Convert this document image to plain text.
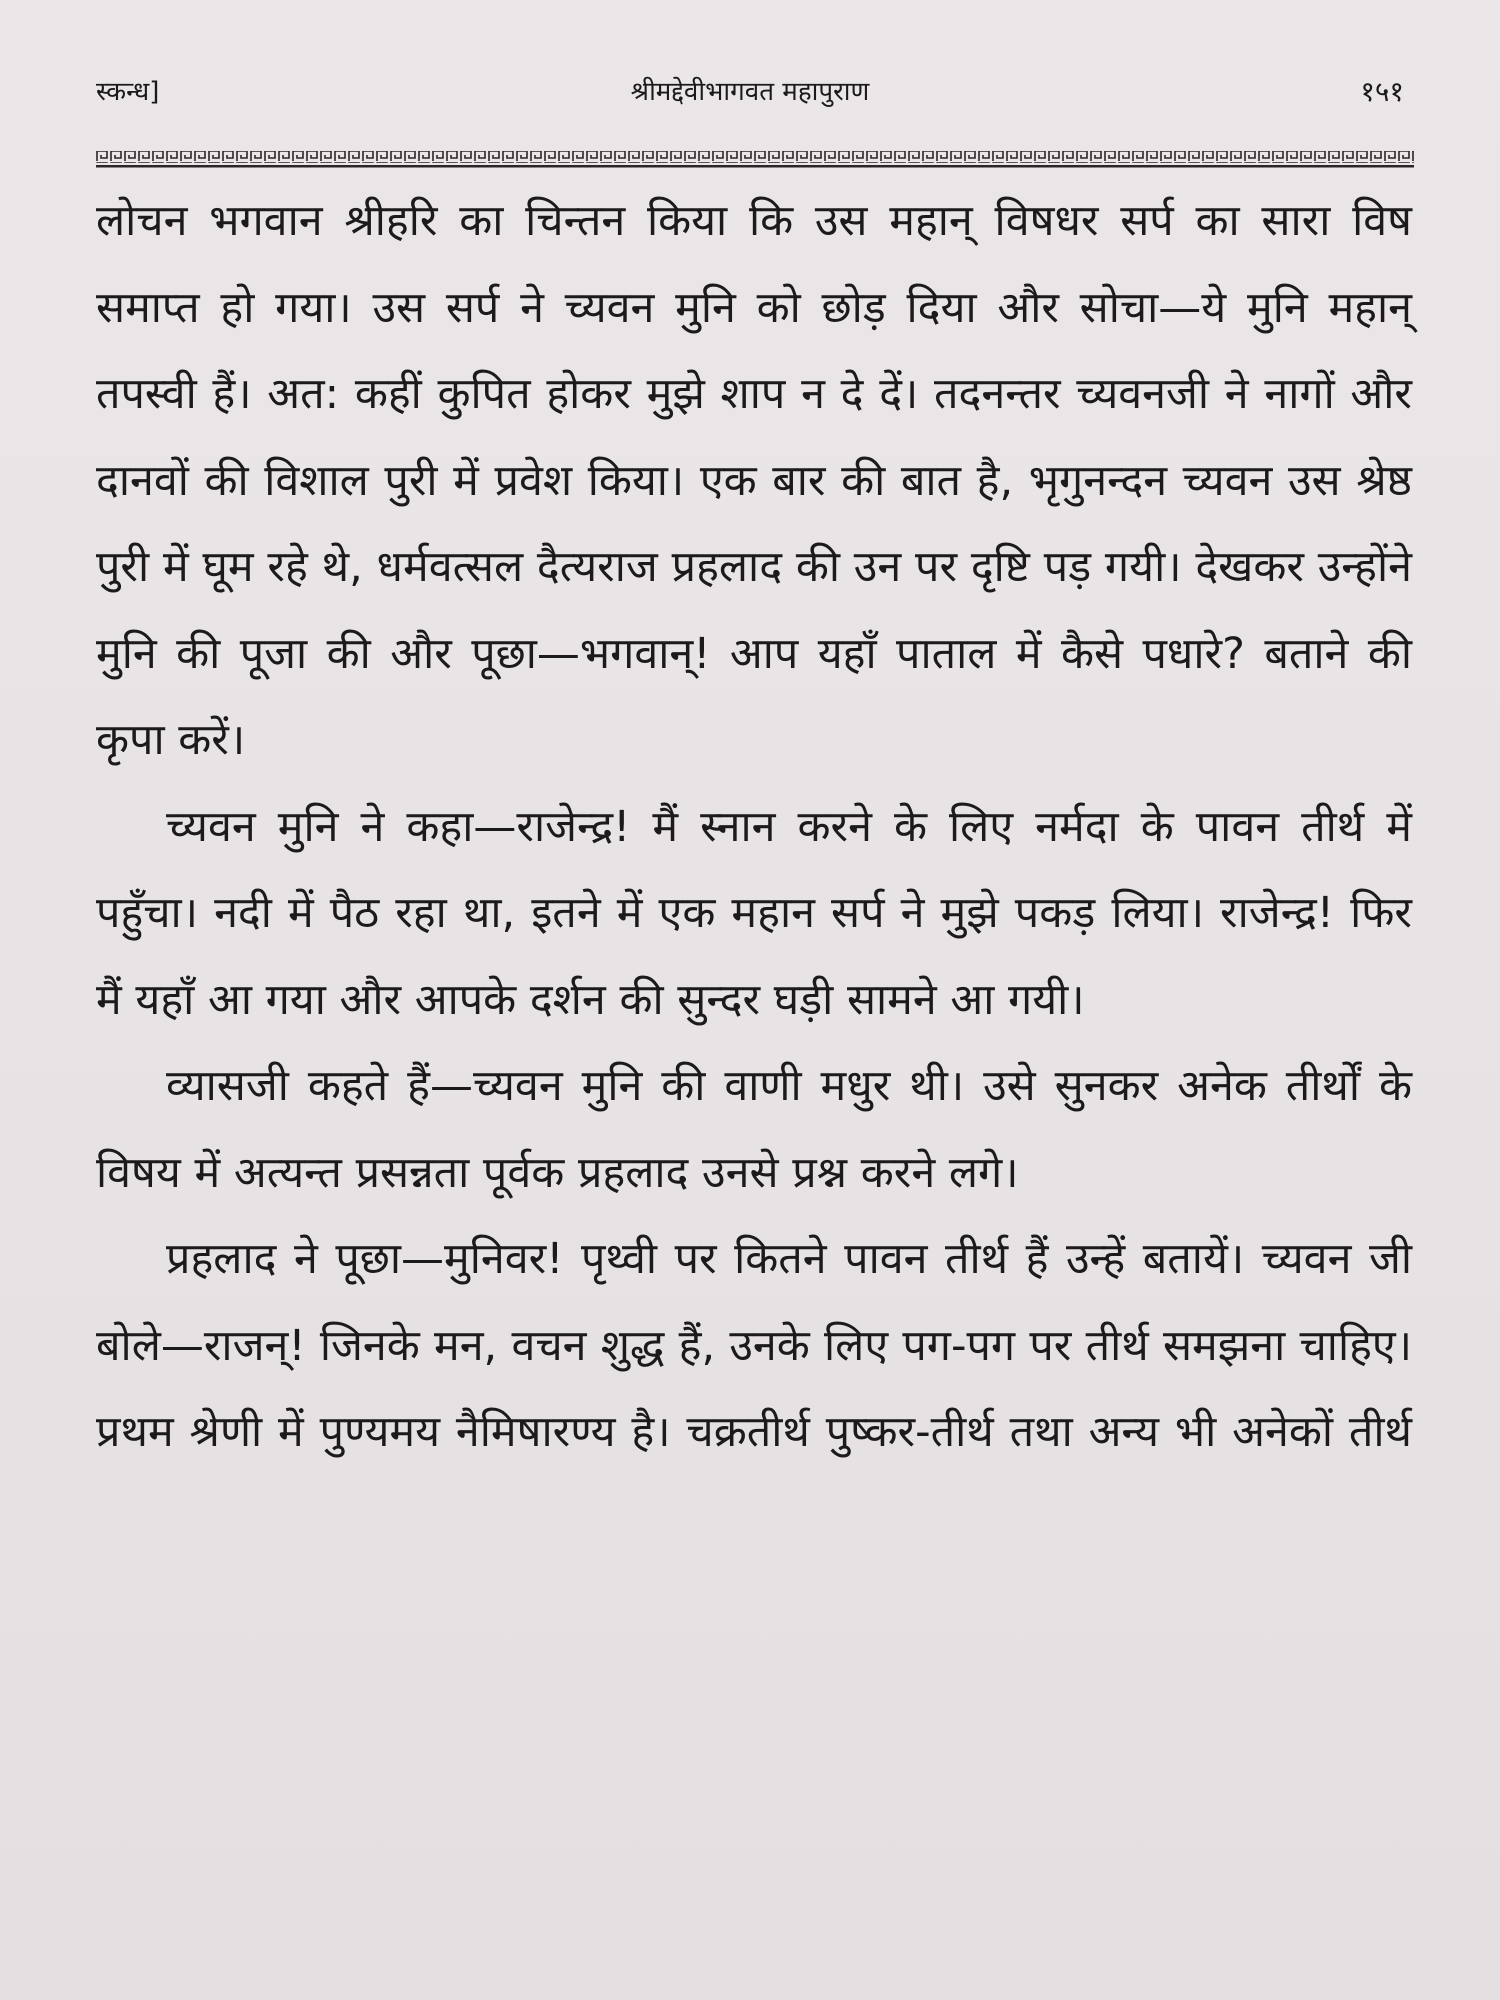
स्कन्ध]	श्रीमद्देवीभागवत महापुराण	१५१

लोचन भगवान श्रीहरि का चिन्तन किया कि उस महान् विषधर सर्प का सारा विष समाप्त हो गया। उस सर्प ने च्यवन मुनि को छोड़ दिया और सोचा—ये मुनि महान् तपस्वी हैं। अत: कहीं कुपित होकर मुझे शाप न दे दें। तदनन्तर च्यवनजी ने नागों और दानवों की विशाल पुरी में प्रवेश किया। एक बार की बात है, भृगुनन्दन च्यवन उस श्रेष्ठ पुरी में घूम रहे थे, धर्मवत्सल दैत्यराज प्रहलाद की उन पर दृष्टि पड़ गयी। देखकर उन्होंने मुनि की पूजा की और पूछा—भगवान्! आप यहाँ पाताल में कैसे पधारे? बताने की कृपा करें।

च्यवन मुनि ने कहा—राजेन्द्र! मैं स्नान करने के लिए नर्मदा के पावन तीर्थ में पहुँचा। नदी में पैठ रहा था, इतने में एक महान सर्प ने मुझे पकड़ लिया। राजेन्द्र! फिर मैं यहाँ आ गया और आपके दर्शन की सुन्दर घड़ी सामने आ गयी।

व्यासजी कहते हैं—च्यवन मुनि की वाणी मधुर थी। उसे सुनकर अनेक तीर्थों के विषय में अत्यन्त प्रसन्नता पूर्वक प्रहलाद उनसे प्रश्न करने लगे।

प्रहलाद ने पूछा—मुनिवर! पृथ्वी पर कितने पावन तीर्थ हैं उन्हें बतायें। च्यवन जी बोले—राजन्! जिनके मन, वचन शुद्ध हैं, उनके लिए पग-पग पर तीर्थ समझना चाहिए। प्रथम श्रेणी में पुण्यमय नैमिषारण्य है। चक्रतीर्थ पुष्कर-तीर्थ तथा अन्य भी अनेकों तीर्थ
